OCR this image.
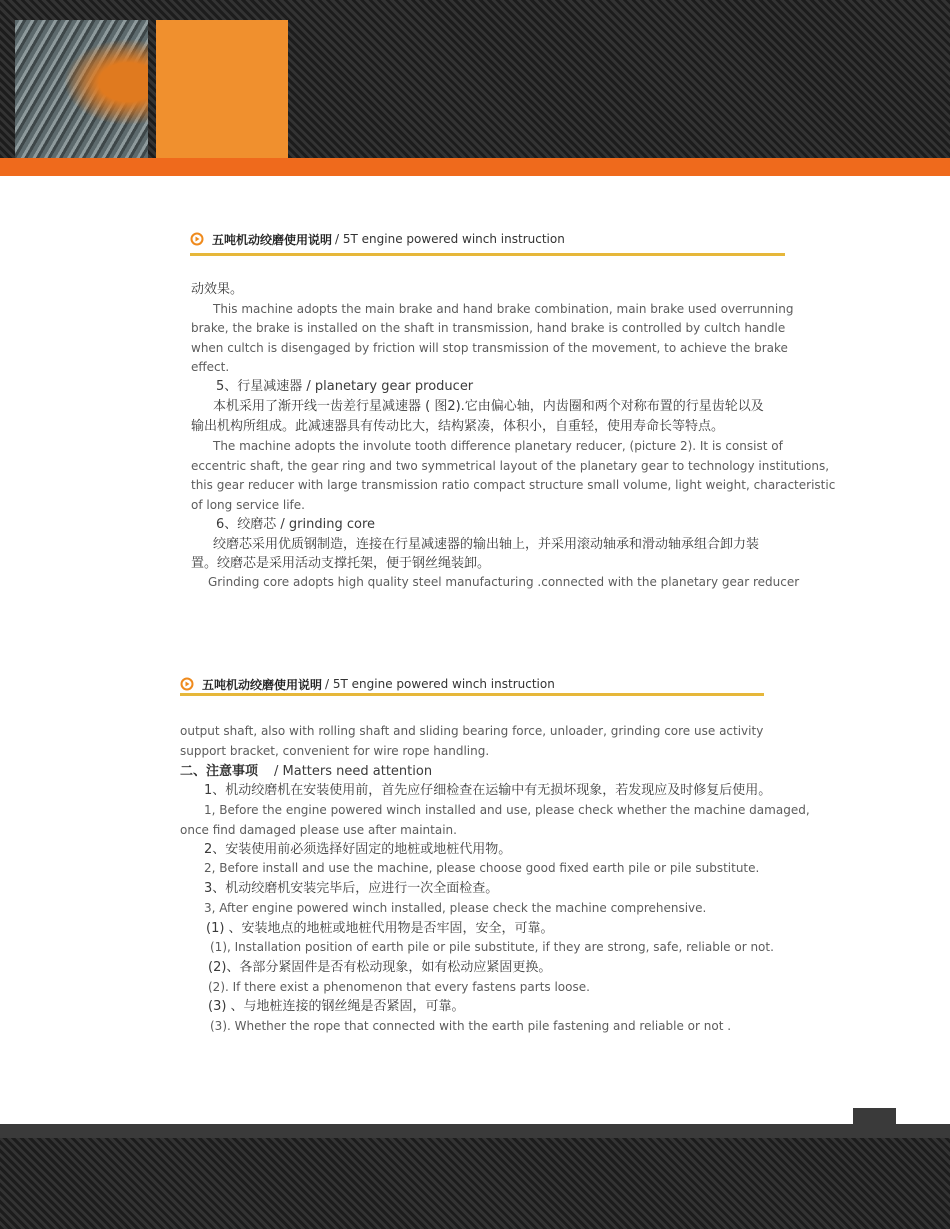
五吨机动绞磨使用说明 / 5T engine powered winch instruction
动效果。
This machine adopts the main brake and hand brake combination, main brake used overrunning
brake, the brake is installed on the shaft in transmission, hand brake is controlled by cultch handle
when cultch is disengaged by friction will stop transmission of the movement, to achieve the brake
effect.
5、行星减速器 / planetary gear producer
本机采用了渐开线一齿差行星减速器 ( 图2).它由偏心轴，内齿圈和两个对称布置的行星齿轮以及
输出机构所组成。此减速器具有传动比大，结构紧凑，体积小，自重轻，使用寿命长等特点。
The machine adopts the involute tooth difference planetary reducer, (picture 2). It is consist of
eccentric shaft, the gear ring and two symmetrical layout of the planetary gear to technology institutions,
this gear reducer with large transmission ratio compact structure small volume, light weight, characteristic
of long service life.
6、绞磨芯 / grinding core
绞磨芯采用优质钢制造，连接在行星减速器的输出轴上，并采用滚动轴承和滑动轴承组合卸力装
置。绞磨芯是采用活动支撑托架，便于钢丝绳装卸。
Grinding core adopts high quality steel manufacturing .connected with the planetary gear reducer
五吨机动绞磨使用说明 / 5T engine powered winch instruction
output shaft, also with rolling shaft and sliding bearing force, unloader, grinding core use activity
support bracket, convenient for wire rope handling.
二、注意事项 / Matters need attention
1、机动绞磨机在安装使用前，首先应仔细检查在运输中有无损坏现象，若发现应及时修复后使用。
1, Before the engine powered winch installed and use, please check whether the machine damaged,
once find damaged please use after maintain.
2、安装使用前必须选择好固定的地桩或地桩代用物。
2, Before install and use the machine, please choose good fixed earth pile or pile substitute.
3、机动绞磨机安装完毕后，应进行一次全面检查。
3, After engine powered winch installed, please check the machine comprehensive.
(1) 、安装地点的地桩或地桩代用物是否牢固，安全，可靠。
(1), Installation position of earth pile or pile substitute, if they are strong, safe, reliable or not.
(2)、各部分紧固件是否有松动现象，如有松动应紧固更换。
(2). If there exist a phenomenon that every fastens parts loose.
(3) 、与地桩连接的钢丝绳是否紧固，可靠。
(3). Whether the rope that connected with the earth pile fastening and reliable or not .
